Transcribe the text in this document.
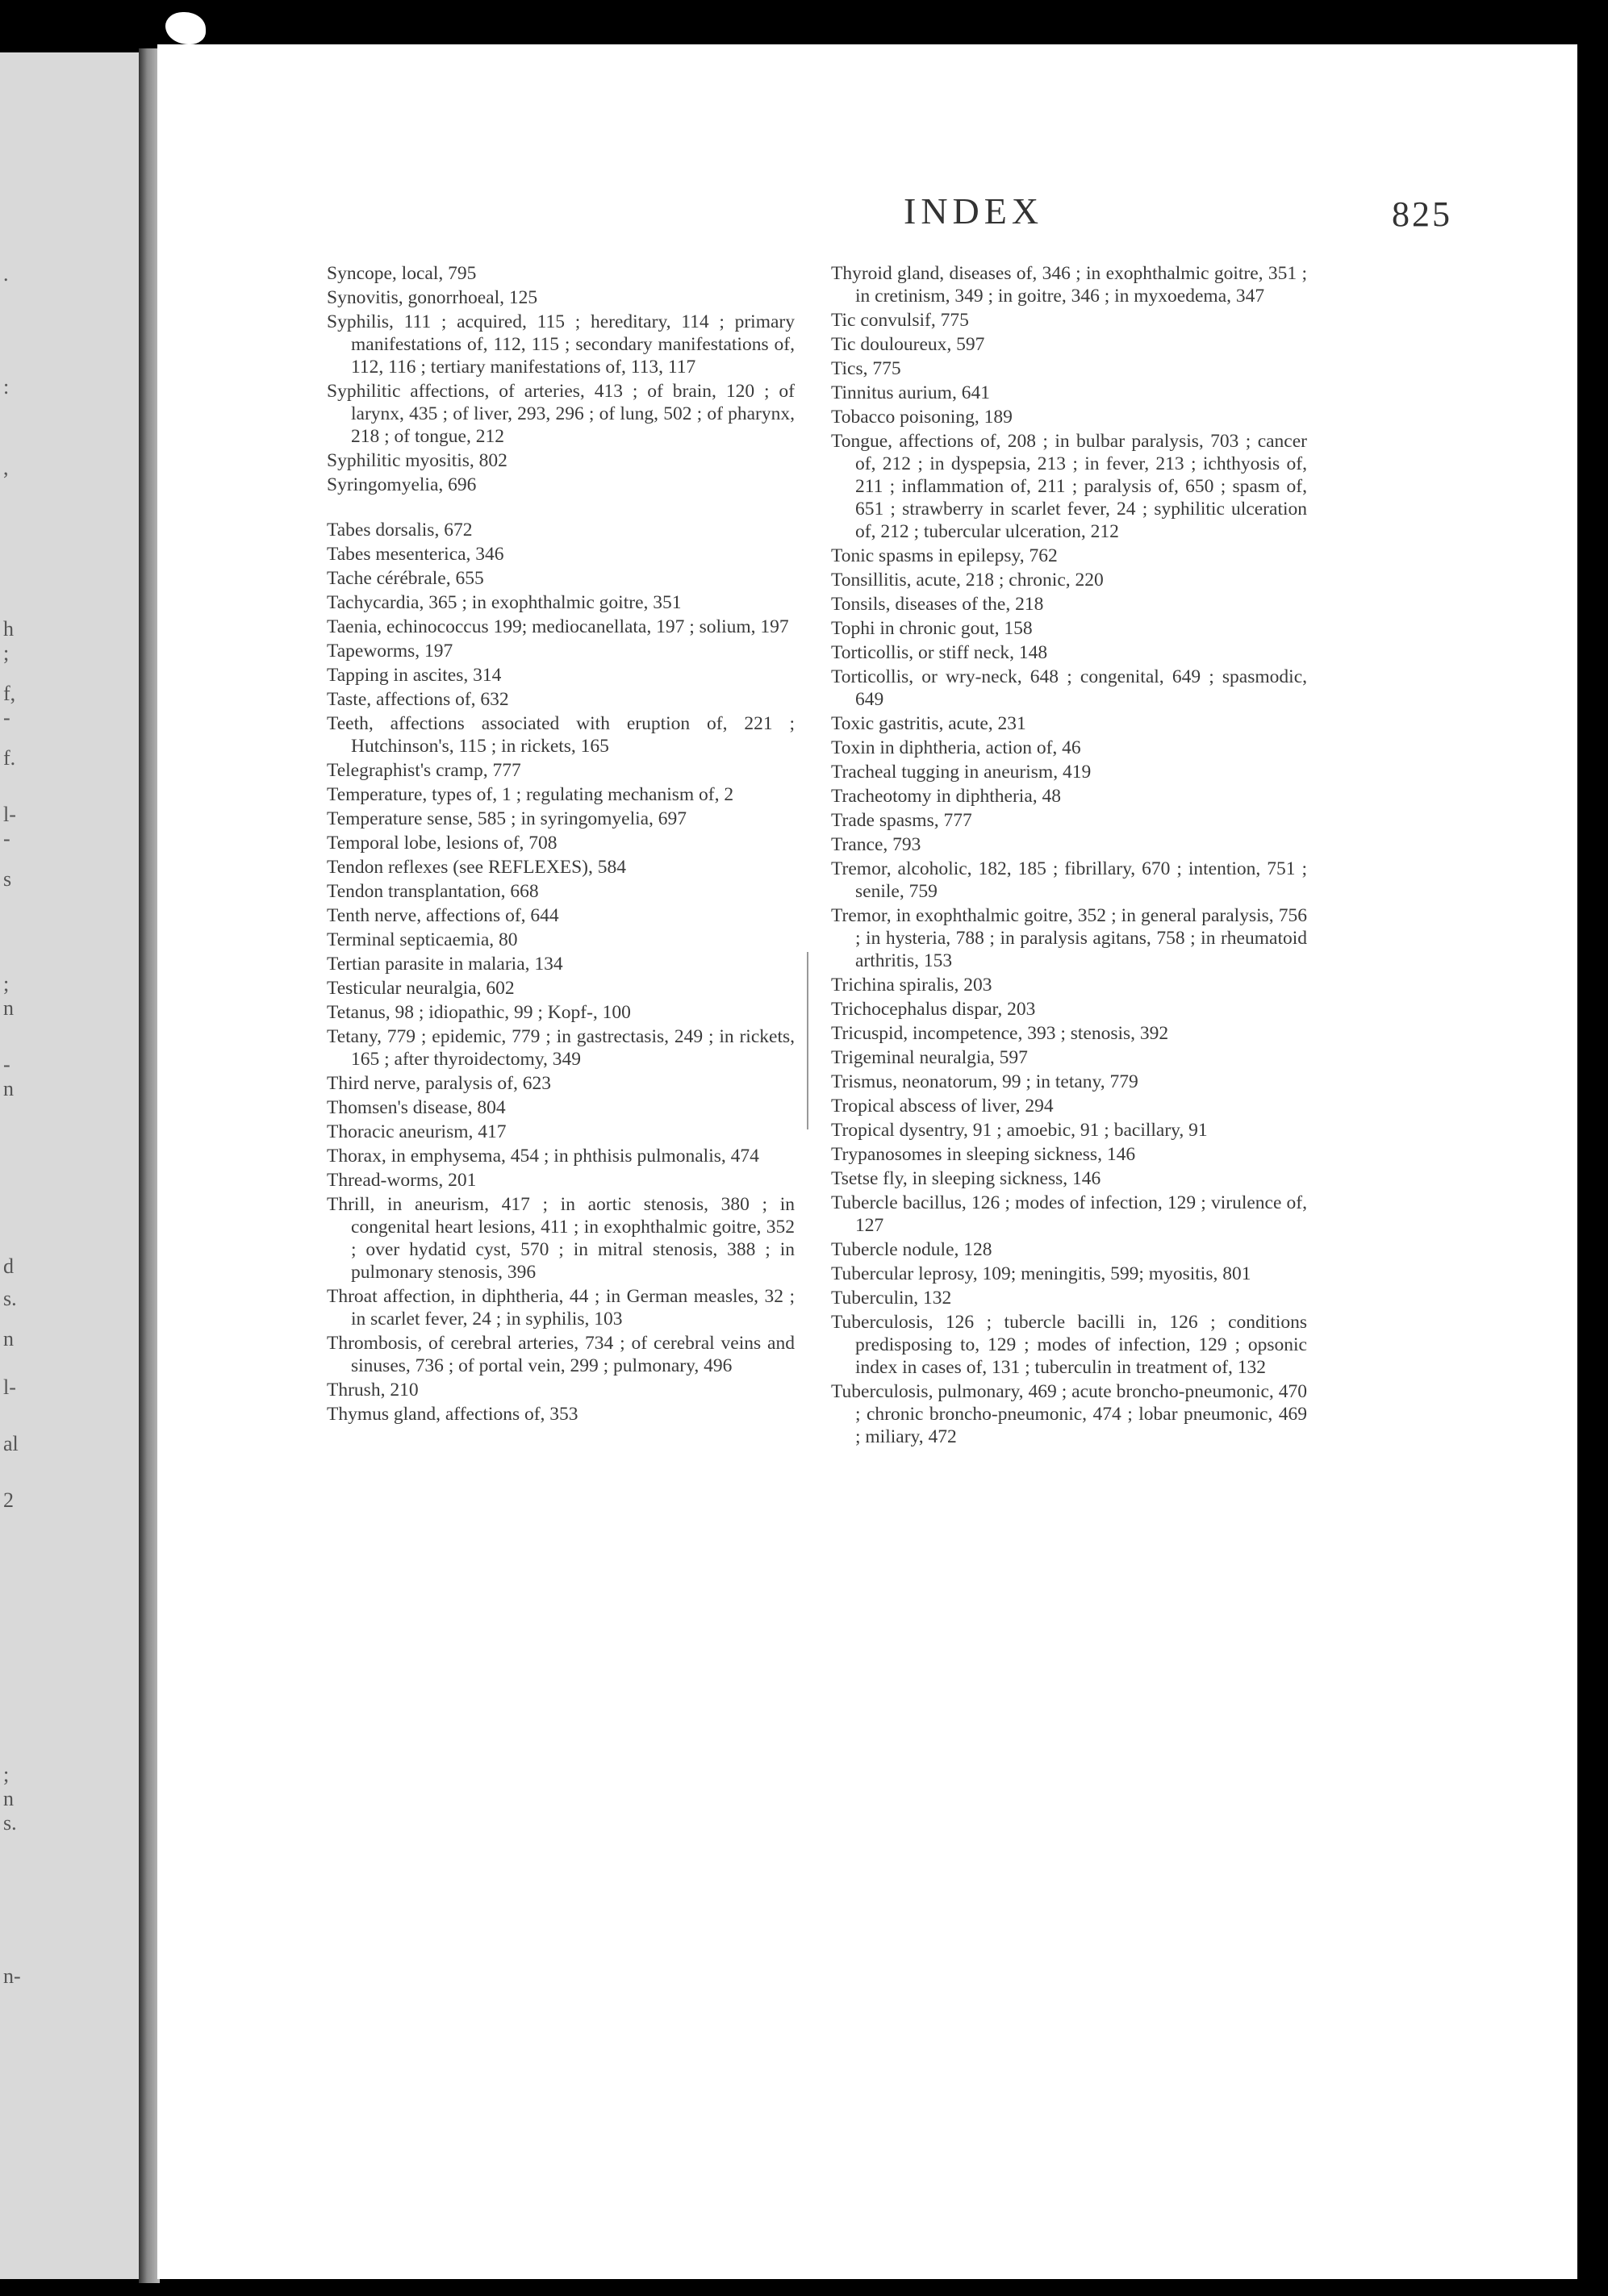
.
:
,
h
;
f,
-
f.
l-
-
s
;
n
-
n
d
s.
n
l-
al
2
;
n
s.
n-
INDEX	825

Syncope, local, 795

Synovitis, gonorrhoeal, 125

Syphilis, 111 ; acquired, 115 ; hereditary, 114 ; primary manifestations of, 112, 115 ; secondary manifestations of, 112, 116 ; tertiary manifestations of, 113, 117

Syphilitic affections, of arteries, 413 ; of brain, 120 ; of larynx, 435 ; of liver, 293, 296 ; of lung, 502 ; of pharynx, 218 ; of tongue, 212

Syphilitic myositis, 802

Syringomyelia, 696

Tabes dorsalis, 672

Tabes mesenterica, 346

Tache cérébrale, 655

Tachycardia, 365 ; in exophthalmic goitre, 351

Taenia, echinococcus 199; mediocanellata, 197 ; solium, 197

Tapeworms, 197

Tapping in ascites, 314

Taste, affections of, 632

Teeth, affections associated with eruption of, 221 ; Hutchinson's, 115 ; in rickets, 165

Telegraphist's cramp, 777

Temperature, types of, 1 ; regulating mechanism of, 2

Temperature sense, 585 ; in syringomyelia, 697

Temporal lobe, lesions of, 708

Tendon reflexes (see REFLEXES), 584

Tendon transplantation, 668

Tenth nerve, affections of, 644

Terminal septicaemia, 80

Tertian parasite in malaria, 134

Testicular neuralgia, 602

Tetanus, 98 ; idiopathic, 99 ; Kopf-, 100

Tetany, 779 ; epidemic, 779 ; in gastrectasis, 249 ; in rickets, 165 ; after thyroidectomy, 349

Third nerve, paralysis of, 623

Thomsen's disease, 804

Thoracic aneurism, 417

Thorax, in emphysema, 454 ; in phthisis pulmonalis, 474

Thread-worms, 201

Thrill, in aneurism, 417 ; in aortic stenosis, 380 ; in congenital heart lesions, 411 ; in exophthalmic goitre, 352 ; over hydatid cyst, 570 ; in mitral stenosis, 388 ; in pulmonary stenosis, 396

Throat affection, in diphtheria, 44 ; in German measles, 32 ; in scarlet fever, 24 ; in syphilis, 103

Thrombosis, of cerebral arteries, 734 ; of cerebral veins and sinuses, 736 ; of portal vein, 299 ; pulmonary, 496

Thrush, 210

Thymus gland, affections of, 353

Thyroid gland, diseases of, 346 ; in exophthalmic goitre, 351 ; in cretinism, 349 ; in goitre, 346 ; in myxoedema, 347

Tic convulsif, 775

Tic douloureux, 597

Tics, 775

Tinnitus aurium, 641

Tobacco poisoning, 189

Tongue, affections of, 208 ; in bulbar paralysis, 703 ; cancer of, 212 ; in dyspepsia, 213 ; in fever, 213 ; ichthyosis of, 211 ; inflammation of, 211 ; paralysis of, 650 ; spasm of, 651 ; strawberry in scarlet fever, 24 ; syphilitic ulceration of, 212 ; tubercular ulceration, 212

Tonic spasms in epilepsy, 762

Tonsillitis, acute, 218 ; chronic, 220

Tonsils, diseases of the, 218

Tophi in chronic gout, 158

Torticollis, or stiff neck, 148

Torticollis, or wry-neck, 648 ; congenital, 649 ; spasmodic, 649

Toxic gastritis, acute, 231

Toxin in diphtheria, action of, 46

Tracheal tugging in aneurism, 419

Tracheotomy in diphtheria, 48

Trade spasms, 777

Trance, 793

Tremor, alcoholic, 182, 185 ; fibrillary, 670 ; intention, 751 ; senile, 759

Tremor, in exophthalmic goitre, 352 ; in general paralysis, 756 ; in hysteria, 788 ; in paralysis agitans, 758 ; in rheumatoid arthritis, 153

Trichina spiralis, 203

Trichocephalus dispar, 203

Tricuspid, incompetence, 393 ; stenosis, 392

Trigeminal neuralgia, 597

Trismus, neonatorum, 99 ; in tetany, 779

Tropical abscess of liver, 294

Tropical dysentry, 91 ; amoebic, 91 ; bacillary, 91

Trypanosomes in sleeping sickness, 146

Tsetse fly, in sleeping sickness, 146

Tubercle bacillus, 126 ; modes of infection, 129 ; virulence of, 127

Tubercle nodule, 128

Tubercular leprosy, 109; meningitis, 599; myositis, 801

Tuberculin, 132

Tuberculosis, 126 ; tubercle bacilli in, 126 ; conditions predisposing to, 129 ; modes of infection, 129 ; opsonic index in cases of, 131 ; tuberculin in treatment of, 132

Tuberculosis, pulmonary, 469 ; acute broncho-pneumonic, 470 ; chronic broncho-pneumonic, 474 ; lobar pneumonic, 469 ; miliary, 472
